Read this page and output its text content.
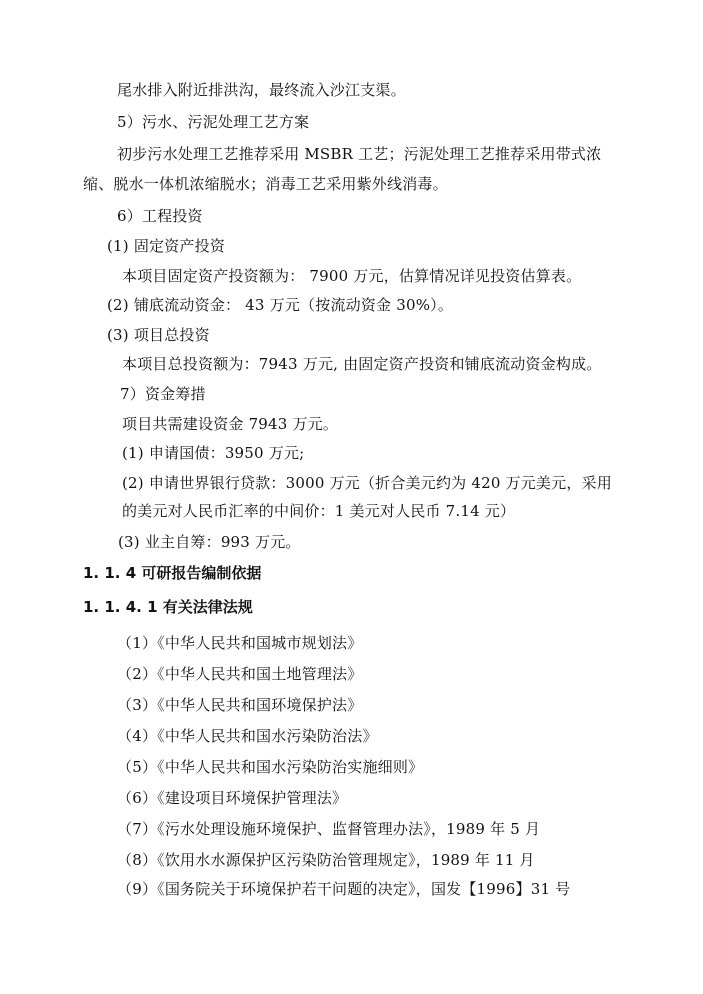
尾水排入附近排洪沟，最终流入沙江支渠。
5）污水、污泥处理工艺方案
初步污水处理工艺推荐采用 MSBR 工艺；污泥处理工艺推荐采用带式浓
缩、脱水一体机浓缩脱水；消毒工艺采用紫外线消毒。
6）工程投资
(1) 固定资产投资
本项目固定资产投资额为： 7900 万元，估算情况详见投资估算表。
(2) 铺底流动资金： 43 万元（按流动资金 30%）。
(3) 项目总投资
本项目总投资额为：7943 万元, 由固定资产投资和铺底流动资金构成。
7）资金筹措
项目共需建设资金 7943 万元。
(1) 申请国债：3950 万元;
(2) 申请世界银行贷款：3000 万元（折合美元约为 420 万元美元，采用
的美元对人民币汇率的中间价：1 美元对人民币 7.14 元）
(3) 业主自筹：993 万元。
1. 1. 4 可研报告编制依据
1. 1. 4. 1 有关法律法规
（1）《中华人民共和国城市规划法》
（2）《中华人民共和国土地管理法》
（3）《中华人民共和国环境保护法》
（4）《中华人民共和国水污染防治法》
（5）《中华人民共和国水污染防治实施细则》
（6）《建设项目环境保护管理法》
（7）《污水处理设施环境保护、监督管理办法》，1989 年 5 月
（8）《饮用水水源保护区污染防治管理规定》，1989 年 11 月
（9）《国务院关于环境保护若干问题的决定》，国发【1996】31 号
